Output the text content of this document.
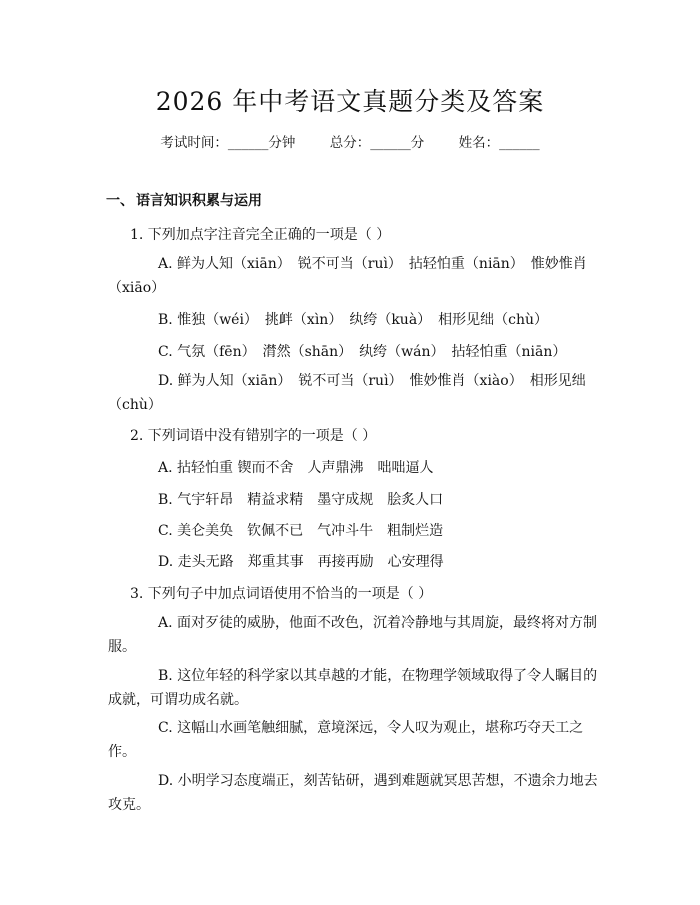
2026 年中考语文真题分类及答案
考试时间：______分钟	总分：______分	姓名：______
一、 语言知识积累与运用
1. 下列加点字注音完全正确的一项是（ ）
A. 鲜为人知（xiān）　锐不可当（ruì）　拈轻怕重（niān）　惟妙惟肖
（xiāo）
B. 惟独（wéi）　挑衅（xìn）　纨绔（kuà）　相形见绌（chù）
C. 气氛（fēn）　潸然（shān）　纨绔（wán）　拈轻怕重（niān）
D. 鲜为人知（xiān）　锐不可当（ruì）　惟妙惟肖（xiào）　相形见绌
（chù）
2. 下列词语中没有错别字的一项是（ ）
A. 拈轻怕重 锲而不舍　人声鼎沸　咄咄逼人
B. 气宇轩昂　精益求精　墨守成规　脍炙人口
C. 美仑美奂　钦佩不已　气冲斗牛　粗制烂造
D. 走头无路　郑重其事　再接再励　心安理得
3. 下列句子中加点词语使用不恰当的一项是（ ）
A. 面对歹徒的威胁，他面不改色，沉着冷静地与其周旋，最终将对方制
服。
B. 这位年轻的科学家以其卓越的才能，在物理学领域取得了令人瞩目的
成就，可谓功成名就。
C. 这幅山水画笔触细腻，意境深远，令人叹为观止，堪称巧夺天工之
作。
D. 小明学习态度端正，刻苦钻研，遇到难题就冥思苦想，不遗余力地去
攻克。
